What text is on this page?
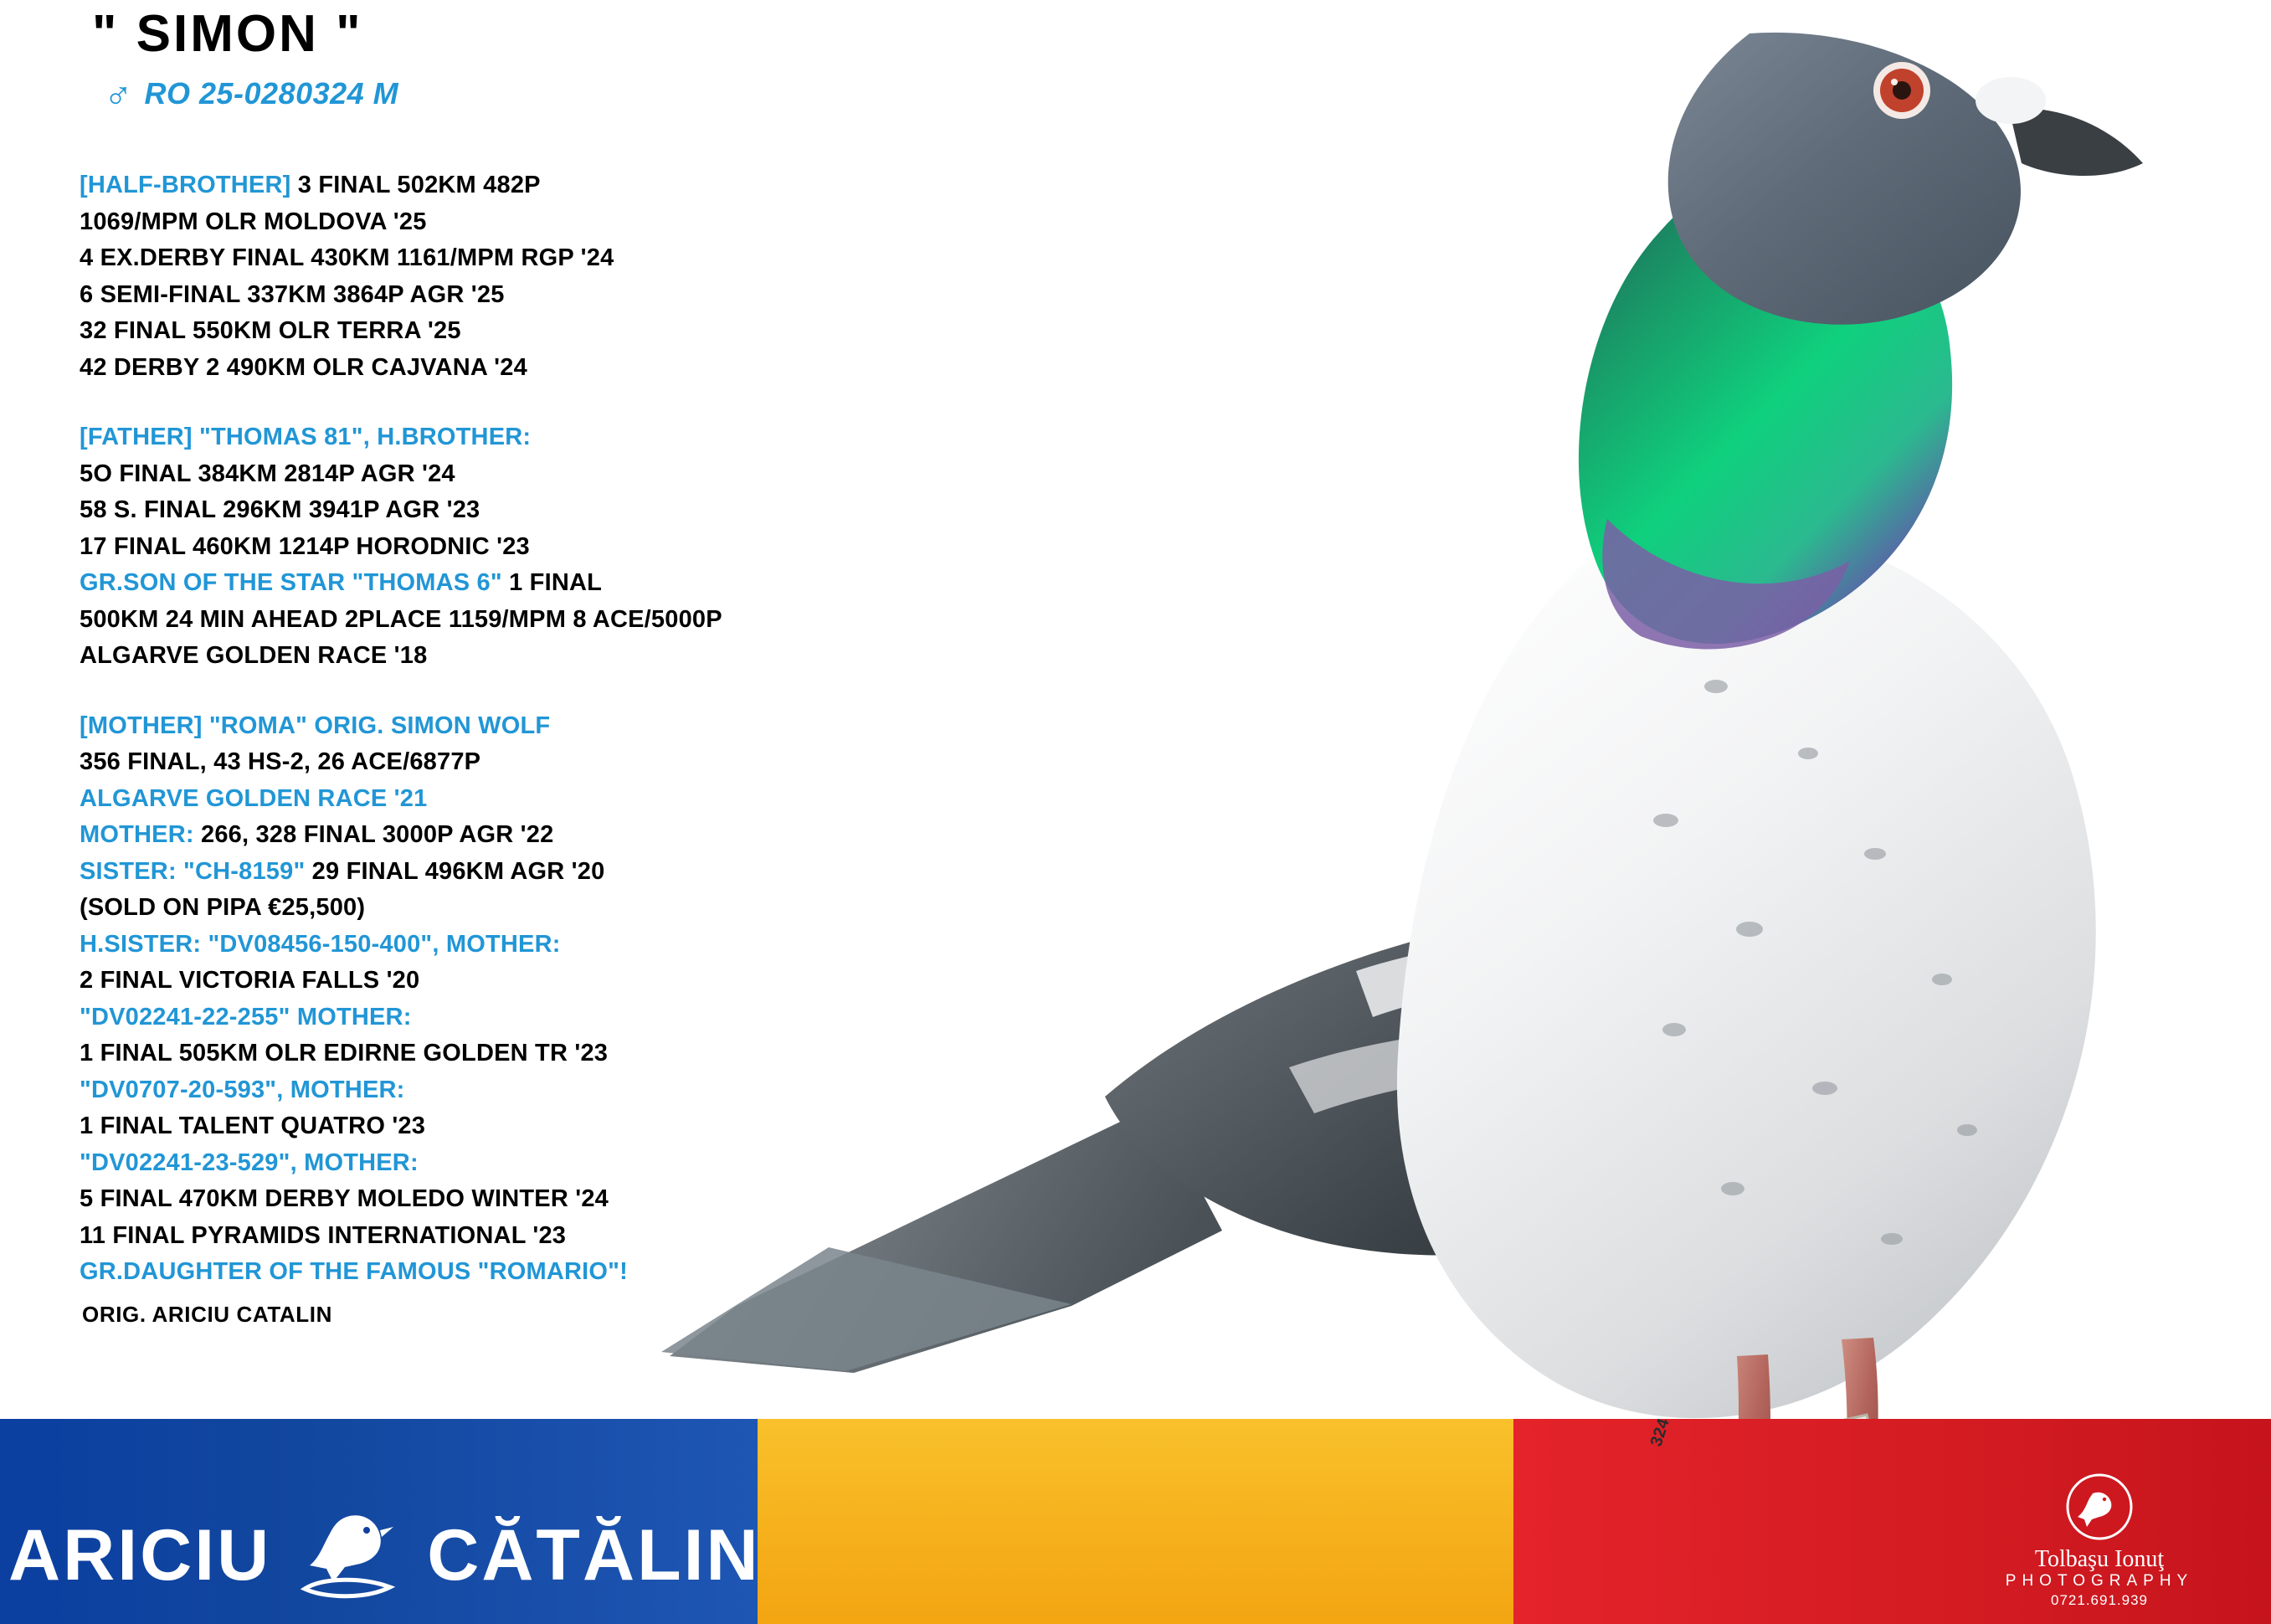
" SIMON "
♂ RO 25-0280324 M
[HALF-BROTHER] 3 FINAL 502KM 482P
1069/MPM OLR MOLDOVA '25
4 EX.DERBY FINAL 430KM 1161/MPM RGP '24
6 SEMI-FINAL 337KM 3864P AGR '25
32 FINAL 550KM OLR TERRA '25
42 DERBY 2 490KM OLR CAJVANA '24
[FATHER] "THOMAS 81", H.BROTHER:
5O FINAL 384KM 2814P AGR '24
58 S. FINAL 296KM 3941P AGR '23
17 FINAL 460KM 1214P HORODNIC '23
GR.SON OF THE STAR "THOMAS 6" 1 FINAL
500KM 24 MIN AHEAD 2PLACE 1159/MPM 8 ACE/5000P
ALGARVE GOLDEN RACE '18
[MOTHER] "ROMA" ORIG. SIMON WOLF
356 FINAL, 43 HS-2, 26 ACE/6877P
ALGARVE GOLDEN RACE '21
MOTHER: 266, 328 FINAL 3000P AGR '22
SISTER: "CH-8159" 29 FINAL 496KM AGR '20
(SOLD ON PIPA €25,500)
H.SISTER: "DV08456-150-400", MOTHER:
2 FINAL VICTORIA FALLS '20
"DV02241-22-255" MOTHER:
1 FINAL 505KM OLR EDIRNE GOLDEN TR '23
"DV0707-20-593", MOTHER:
1 FINAL TALENT QUATRO '23
"DV02241-23-529", MOTHER:
5 FINAL 470KM DERBY MOLEDO WINTER '24
11 FINAL PYRAMIDS INTERNATIONAL '23
GR.DAUGHTER OF THE FAMOUS "ROMARIO"!
ORIG. ARICIU CATALIN
324
ARICIU CĂTĂLIN	Tolbaşu Ionuţ
PHOTOGRAPHY
0721.691.939
